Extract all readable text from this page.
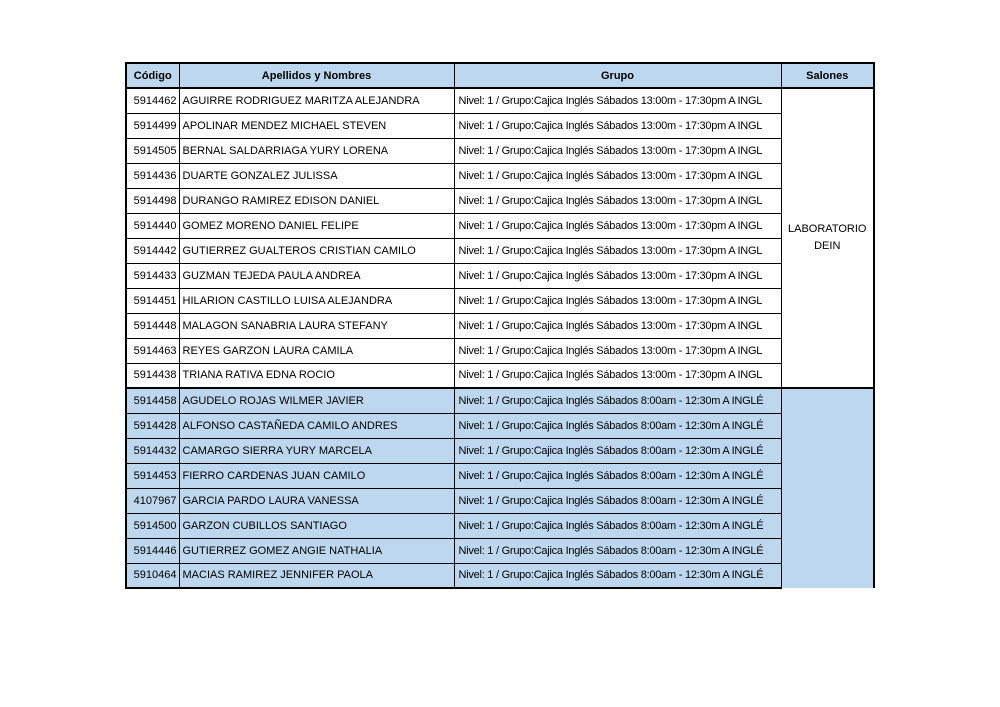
Código	Apellidos y Nombres	Grupo	Salones
5914462	AGUIRRE RODRIGUEZ MARITZA ALEJANDRA	Nivel: 1 / Grupo:Cajica Inglés Sábados 13:00m - 17:30pm A INGL	LABORATORIO DEIN
5914499	APOLINAR MENDEZ MICHAEL STEVEN	Nivel: 1 / Grupo:Cajica Inglés Sábados 13:00m - 17:30pm A INGL	
5914505	BERNAL SALDARRIAGA YURY LORENA	Nivel: 1 / Grupo:Cajica Inglés Sábados 13:00m - 17:30pm A INGL	
5914436	DUARTE GONZALEZ JULISSA	Nivel: 1 / Grupo:Cajica Inglés Sábados 13:00m - 17:30pm A INGL	
5914498	DURANGO RAMIREZ EDISON DANIEL	Nivel: 1 / Grupo:Cajica Inglés Sábados 13:00m - 17:30pm A INGL	
5914440	GOMEZ MORENO DANIEL FELIPE	Nivel: 1 / Grupo:Cajica Inglés Sábados 13:00m - 17:30pm A INGL	
5914442	GUTIERREZ GUALTEROS CRISTIAN CAMILO	Nivel: 1 / Grupo:Cajica Inglés Sábados 13:00m - 17:30pm A INGL	
5914433	GUZMAN TEJEDA PAULA ANDREA	Nivel: 1 / Grupo:Cajica Inglés Sábados 13:00m - 17:30pm A INGL	
5914451	HILARION CASTILLO LUISA ALEJANDRA	Nivel: 1 / Grupo:Cajica Inglés Sábados 13:00m - 17:30pm A INGL	
5914448	MALAGON SANABRIA LAURA STEFANY	Nivel: 1 / Grupo:Cajica Inglés Sábados 13:00m - 17:30pm A INGL	
5914463	REYES GARZON LAURA CAMILA	Nivel: 1 / Grupo:Cajica Inglés Sábados 13:00m - 17:30pm A INGL	
5914438	TRIANA RATIVA EDNA ROCIO	Nivel: 1 / Grupo:Cajica Inglés Sábados 13:00m - 17:30pm A INGL	
5914458	AGUDELO ROJAS WILMER JAVIER	Nivel: 1 / Grupo:Cajica Inglés Sábados 8:00am - 12:30m A INGLÉ	
5914428	ALFONSO CASTAÑEDA CAMILO ANDRES	Nivel: 1 / Grupo:Cajica Inglés Sábados 8:00am - 12:30m A INGLÉ	
5914432	CAMARGO SIERRA YURY MARCELA	Nivel: 1 / Grupo:Cajica Inglés Sábados 8:00am - 12:30m A INGLÉ	
5914453	FIERRO CARDENAS JUAN CAMILO	Nivel: 1 / Grupo:Cajica Inglés Sábados 8:00am - 12:30m A INGLÉ	
4107967	GARCIA PARDO LAURA VANESSA	Nivel: 1 / Grupo:Cajica Inglés Sábados 8:00am - 12:30m A INGLÉ	
5914500	GARZON CUBILLOS SANTIAGO	Nivel: 1 / Grupo:Cajica Inglés Sábados 8:00am - 12:30m A INGLÉ	
5914446	GUTIERREZ GOMEZ ANGIE NATHALIA	Nivel: 1 / Grupo:Cajica Inglés Sábados 8:00am - 12:30m A INGLÉ	
5910464	MACIAS RAMIREZ JENNIFER PAOLA	Nivel: 1 / Grupo:Cajica Inglés Sábados 8:00am - 12:30m A INGLÉ	
